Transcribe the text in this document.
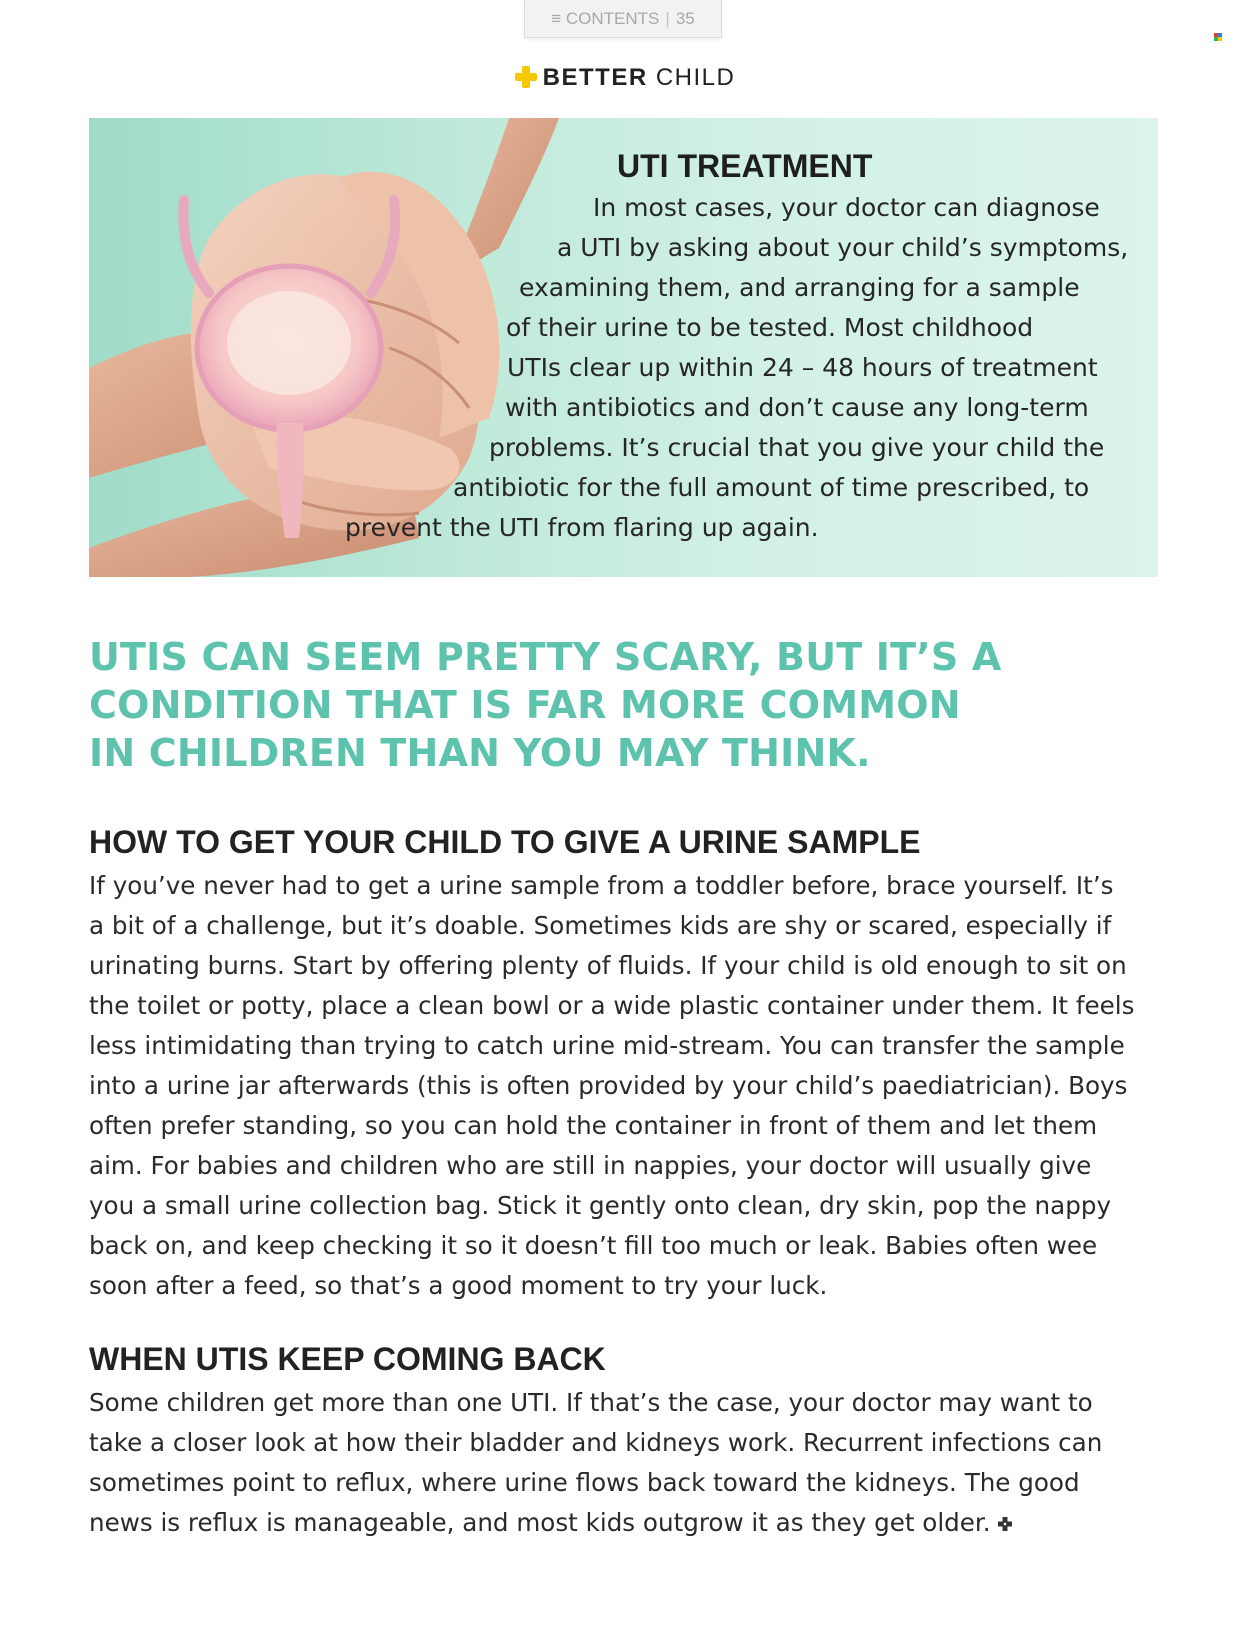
≡ CONTENTS | 35
BETTER CHILD
UTI TREATMENT
In most cases, your doctor can diagnose
a UTI by asking about your child’s symptoms,
examining them, and arranging for a sample
of their urine to be tested. Most childhood
UTIs clear up within 24 – 48 hours of treatment
with antibiotics and don’t cause any long-term
problems. It’s crucial that you give your child the
antibiotic for the full amount of time prescribed, to
prevent the UTI from flaring up again.
UTIS CAN SEEM PRETTY SCARY, BUT IT’S A
CONDITION THAT IS FAR MORE COMMON
IN CHILDREN THAN YOU MAY THINK.
HOW TO GET YOUR CHILD TO GIVE A URINE SAMPLE
If you’ve never had to get a urine sample from a toddler before, brace yourself. It’s
a bit of a challenge, but it’s doable. Sometimes kids are shy or scared, especially if
urinating burns. Start by offering plenty of fluids. If your child is old enough to sit on
the toilet or potty, place a clean bowl or a wide plastic container under them. It feels
less intimidating than trying to catch urine mid-stream. You can transfer the sample
into a urine jar afterwards (this is often provided by your child’s paediatrician). Boys
often prefer standing, so you can hold the container in front of them and let them
aim. For babies and children who are still in nappies, your doctor will usually give
you a small urine collection bag. Stick it gently onto clean, dry skin, pop the nappy
back on, and keep checking it so it doesn’t fill too much or leak. Babies often wee
soon after a feed, so that’s a good moment to try your luck.
WHEN UTIS KEEP COMING BACK
Some children get more than one UTI. If that’s the case, your doctor may want to
take a closer look at how their bladder and kidneys work. Recurrent infections can
sometimes point to reflux, where urine flows back toward the kidneys. The good
news is reflux is manageable, and most kids outgrow it as they get older.
